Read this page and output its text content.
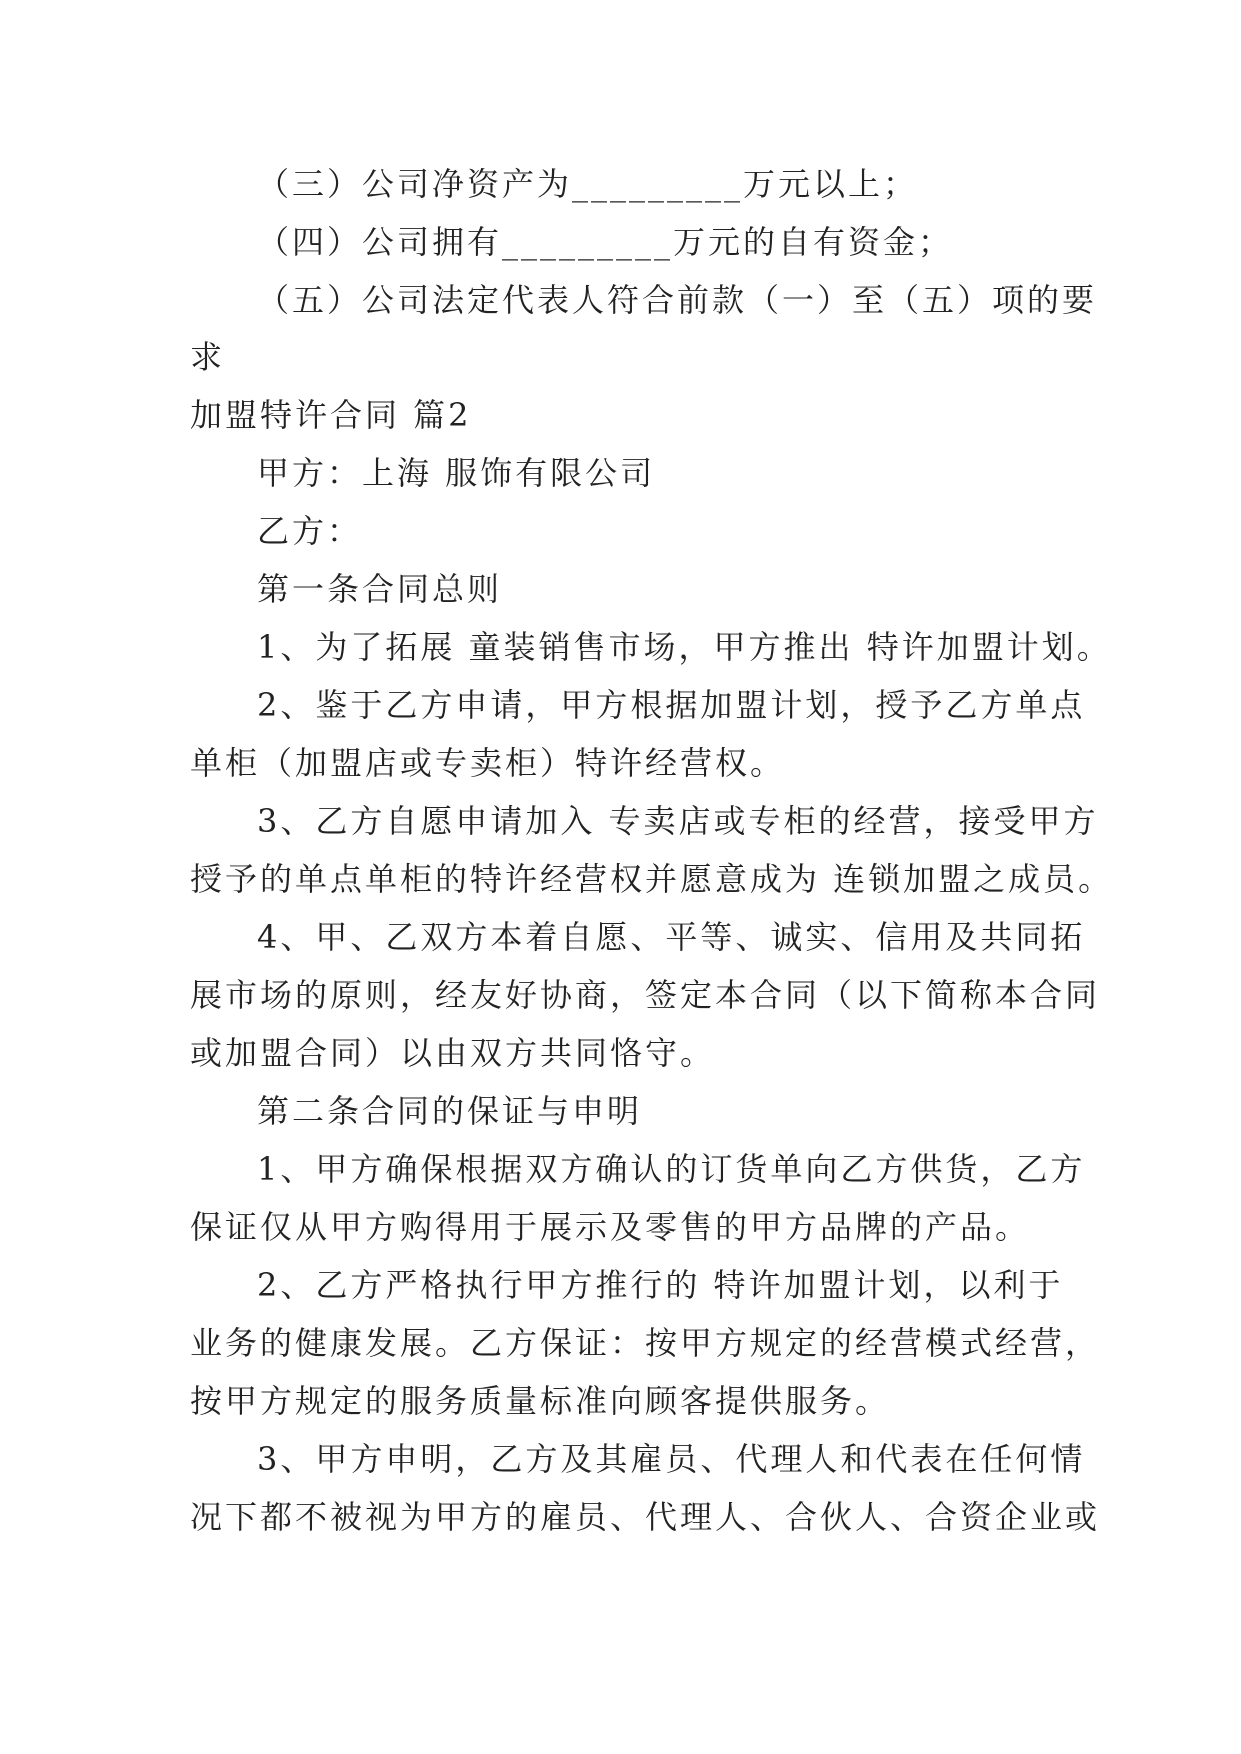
（三）公司净资产为_________万元以上；
（四）公司拥有_________万元的自有资金；
（五）公司法定代表人符合前款（一）至（五）项的要
求
加盟特许合同 篇2
甲方：上海 服饰有限公司
乙方：
第一条合同总则
1、为了拓展 童装销售市场，甲方推出 特许加盟计划。
2、鉴于乙方申请，甲方根据加盟计划，授予乙方单点
单柜（加盟店或专卖柜）特许经营权。
3、乙方自愿申请加入 专卖店或专柜的经营，接受甲方
授予的单点单柜的特许经营权并愿意成为 连锁加盟之成员。
4、甲、乙双方本着自愿、平等、诚实、信用及共同拓
展市场的原则，经友好协商，签定本合同（以下简称本合同
或加盟合同）以由双方共同恪守。
第二条合同的保证与申明
1、甲方确保根据双方确认的订货单向乙方供货，乙方
保证仅从甲方购得用于展示及零售的甲方品牌的产品。
2、乙方严格执行甲方推行的 特许加盟计划，以利于
业务的健康发展。乙方保证：按甲方规定的经营模式经营，
按甲方规定的服务质量标准向顾客提供服务。
3、甲方申明，乙方及其雇员、代理人和代表在任何情
况下都不被视为甲方的雇员、代理人、合伙人、合资企业或
